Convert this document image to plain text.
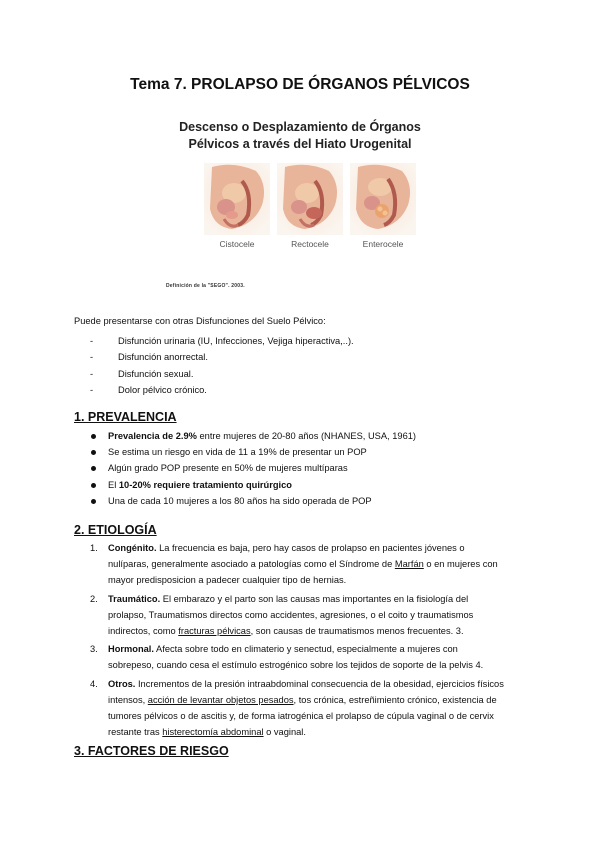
Tema 7. PROLAPSO DE ÓRGANOS PÉLVICOS
Descenso o Desplazamiento de Órganos
Pélvicos a través del Hiato Urogenital
Cistocele	Rectocele	Enterocele
Definición de la "SEGO". 2003.
Puede presentarse con otras Disfunciones del Suelo Pélvico:
- Disfunción urinaria (IU, Infecciones, Vejiga hiperactiva,..).
- Disfunción anorrectal.
- Disfunción sexual.
- Dolor pélvico crónico.
1. PREVALENCIA
Prevalencia de 2.9% entre mujeres de 20-80 años (NHANES, USA, 1961)
Se estima un riesgo en vida de 11 a 19% de presentar un POP
Algún grado POP presente en 50% de mujeres multíparas
El 10-20% requiere tratamiento quirúrgico
Una de cada 10 mujeres a los 80 años ha sido operada de POP
2. ETIOLOGÍA
1. Congénito. La frecuencia es baja, pero hay casos de prolapso en pacientes jóvenes o nulíparas, generalmente asociado a patologías como el Síndrome de Marfán o en mujeres con mayor predisposicion a padecer cualquier tipo de hernias.
2. Traumático. El embarazo y el parto son las causas mas importantes en la fisiología del prolapso, Traumatismos directos como accidentes, agresiones, o el coito y traumatismos indirectos, como fracturas pélvicas, son causas de traumatismos menos frecuentes. 3.
3. Hormonal. Afecta sobre todo en climaterio y senectud, especialmente a mujeres con sobrepeso, cuando cesa el estímulo estrogénico sobre los tejidos de soporte de la pelvis 4.
4. Otros. Incrementos de la presión intraabdominal consecuencia de la obesidad, ejercicios físicos intensos, acción de levantar objetos pesados, tos crónica, estreñimiento crónico, existencia de tumores pélvicos o de ascitis y, de forma iatrogénica el prolapso de cúpula vaginal o de cervix restante tras histerectomía abdominal o vaginal.
3. FACTORES DE RIESGO
